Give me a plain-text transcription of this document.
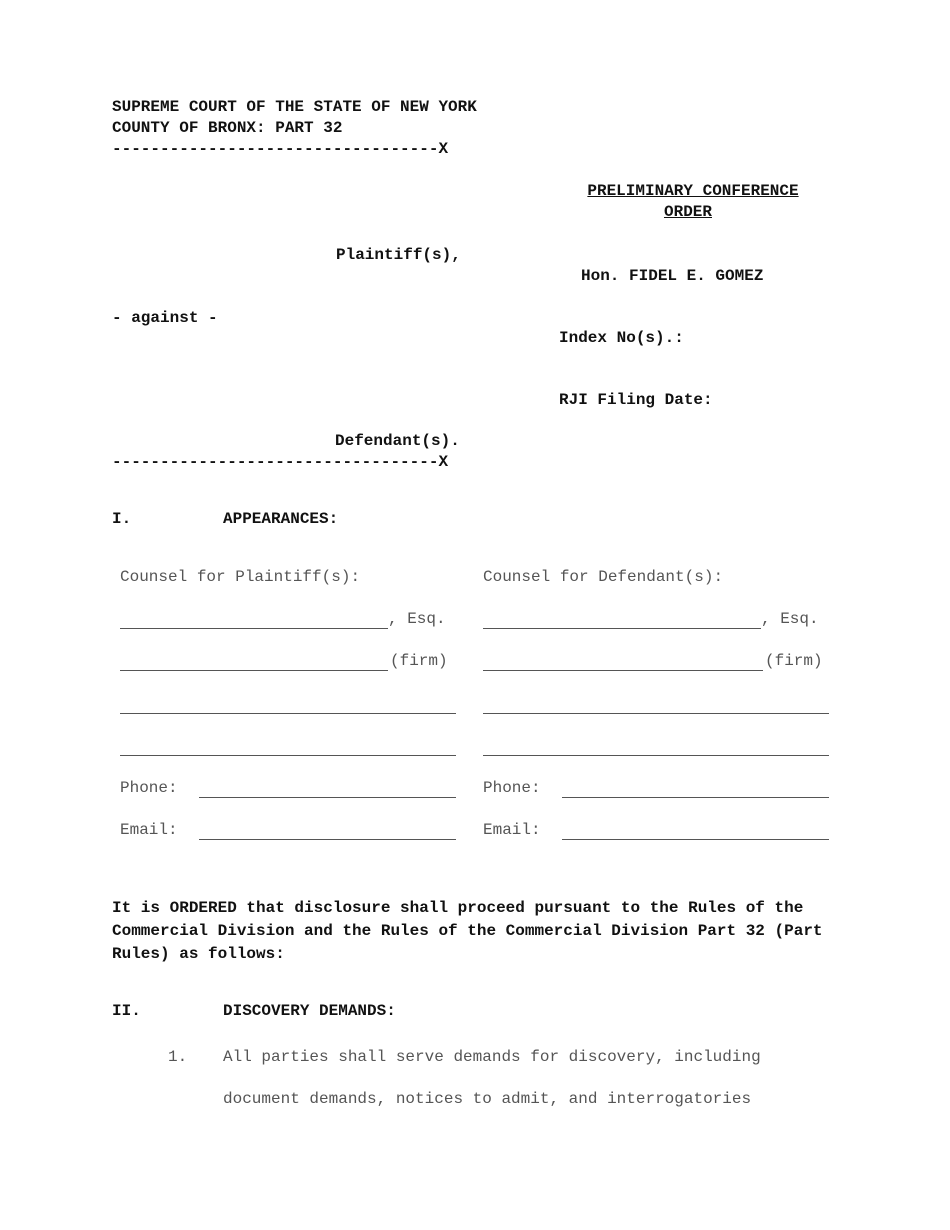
SUPREME COURT OF THE STATE OF NEW YORK
COUNTY OF BRONX: PART 32
----------------------------------X
Plaintiff(s),
- against -
Defendant(s).
----------------------------------X
PRELIMINARY CONFERENCE
ORDER
Hon. FIDEL E. GOMEZ
Index No(s).:
RJI Filing Date:
I.	APPEARANCES:
Counsel for Plaintiff(s):
, Esq.
(firm)
Phone:
Email:
Counsel for Defendant(s):
, Esq.
(firm)
Phone:
Email:
It is ORDERED that disclosure shall proceed pursuant to the Rules of the Commercial Division and the Rules of the Commercial Division Part 32 (Part Rules) as follows:
II.	DISCOVERY DEMANDS:
1. All parties shall serve demands for discovery, including
document demands, notices to admit, and interrogatories
